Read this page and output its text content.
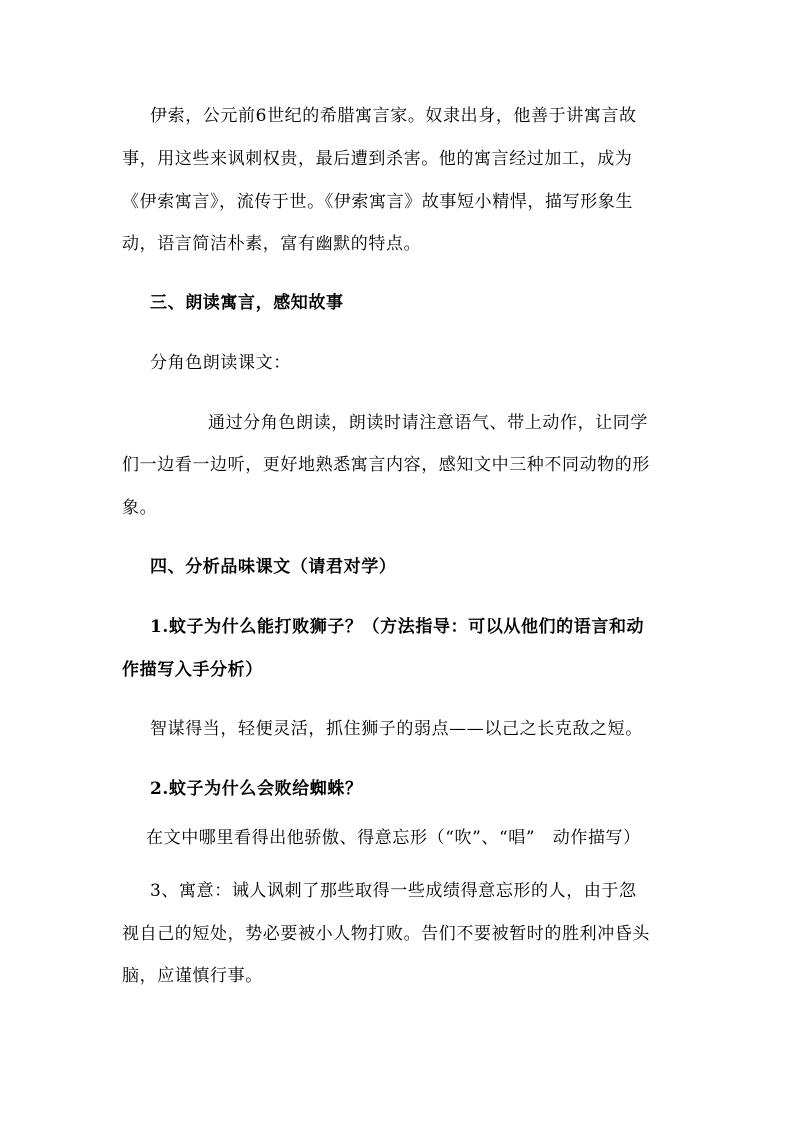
伊索，公元前6世纪的希腊寓言家。奴隶出身，他善于讲寓言故

事，用这些来讽刺权贵，最后遭到杀害。他的寓言经过加工，成为

《伊索寓言》，流传于世。《伊索寓言》故事短小精悍，描写形象生

动，语言简洁朴素，富有幽默的特点。

三、朗读寓言，感知故事

分角色朗读课文：

通过分角色朗读，朗读时请注意语气、带上动作，让同学

们一边看一边听，更好地熟悉寓言内容，感知文中三种不同动物的形

象。

四、分析品味课文（请君对学）

1.蚊子为什么能打败狮子？（方法指导：可以从他们的语言和动

作描写入手分析）

智谋得当，轻便灵活，抓住狮子的弱点——以己之长克敌之短。

2.蚊子为什么会败给蜘蛛？

在文中哪里看得出他骄傲、得意忘形（“吹”、“唱”　动作描写）

3、寓意：诫人讽刺了那些取得一些成绩得意忘形的人，由于忽

视自己的短处，势必要被小人物打败。告们不要被暂时的胜利冲昏头

脑，应谨慎行事。
